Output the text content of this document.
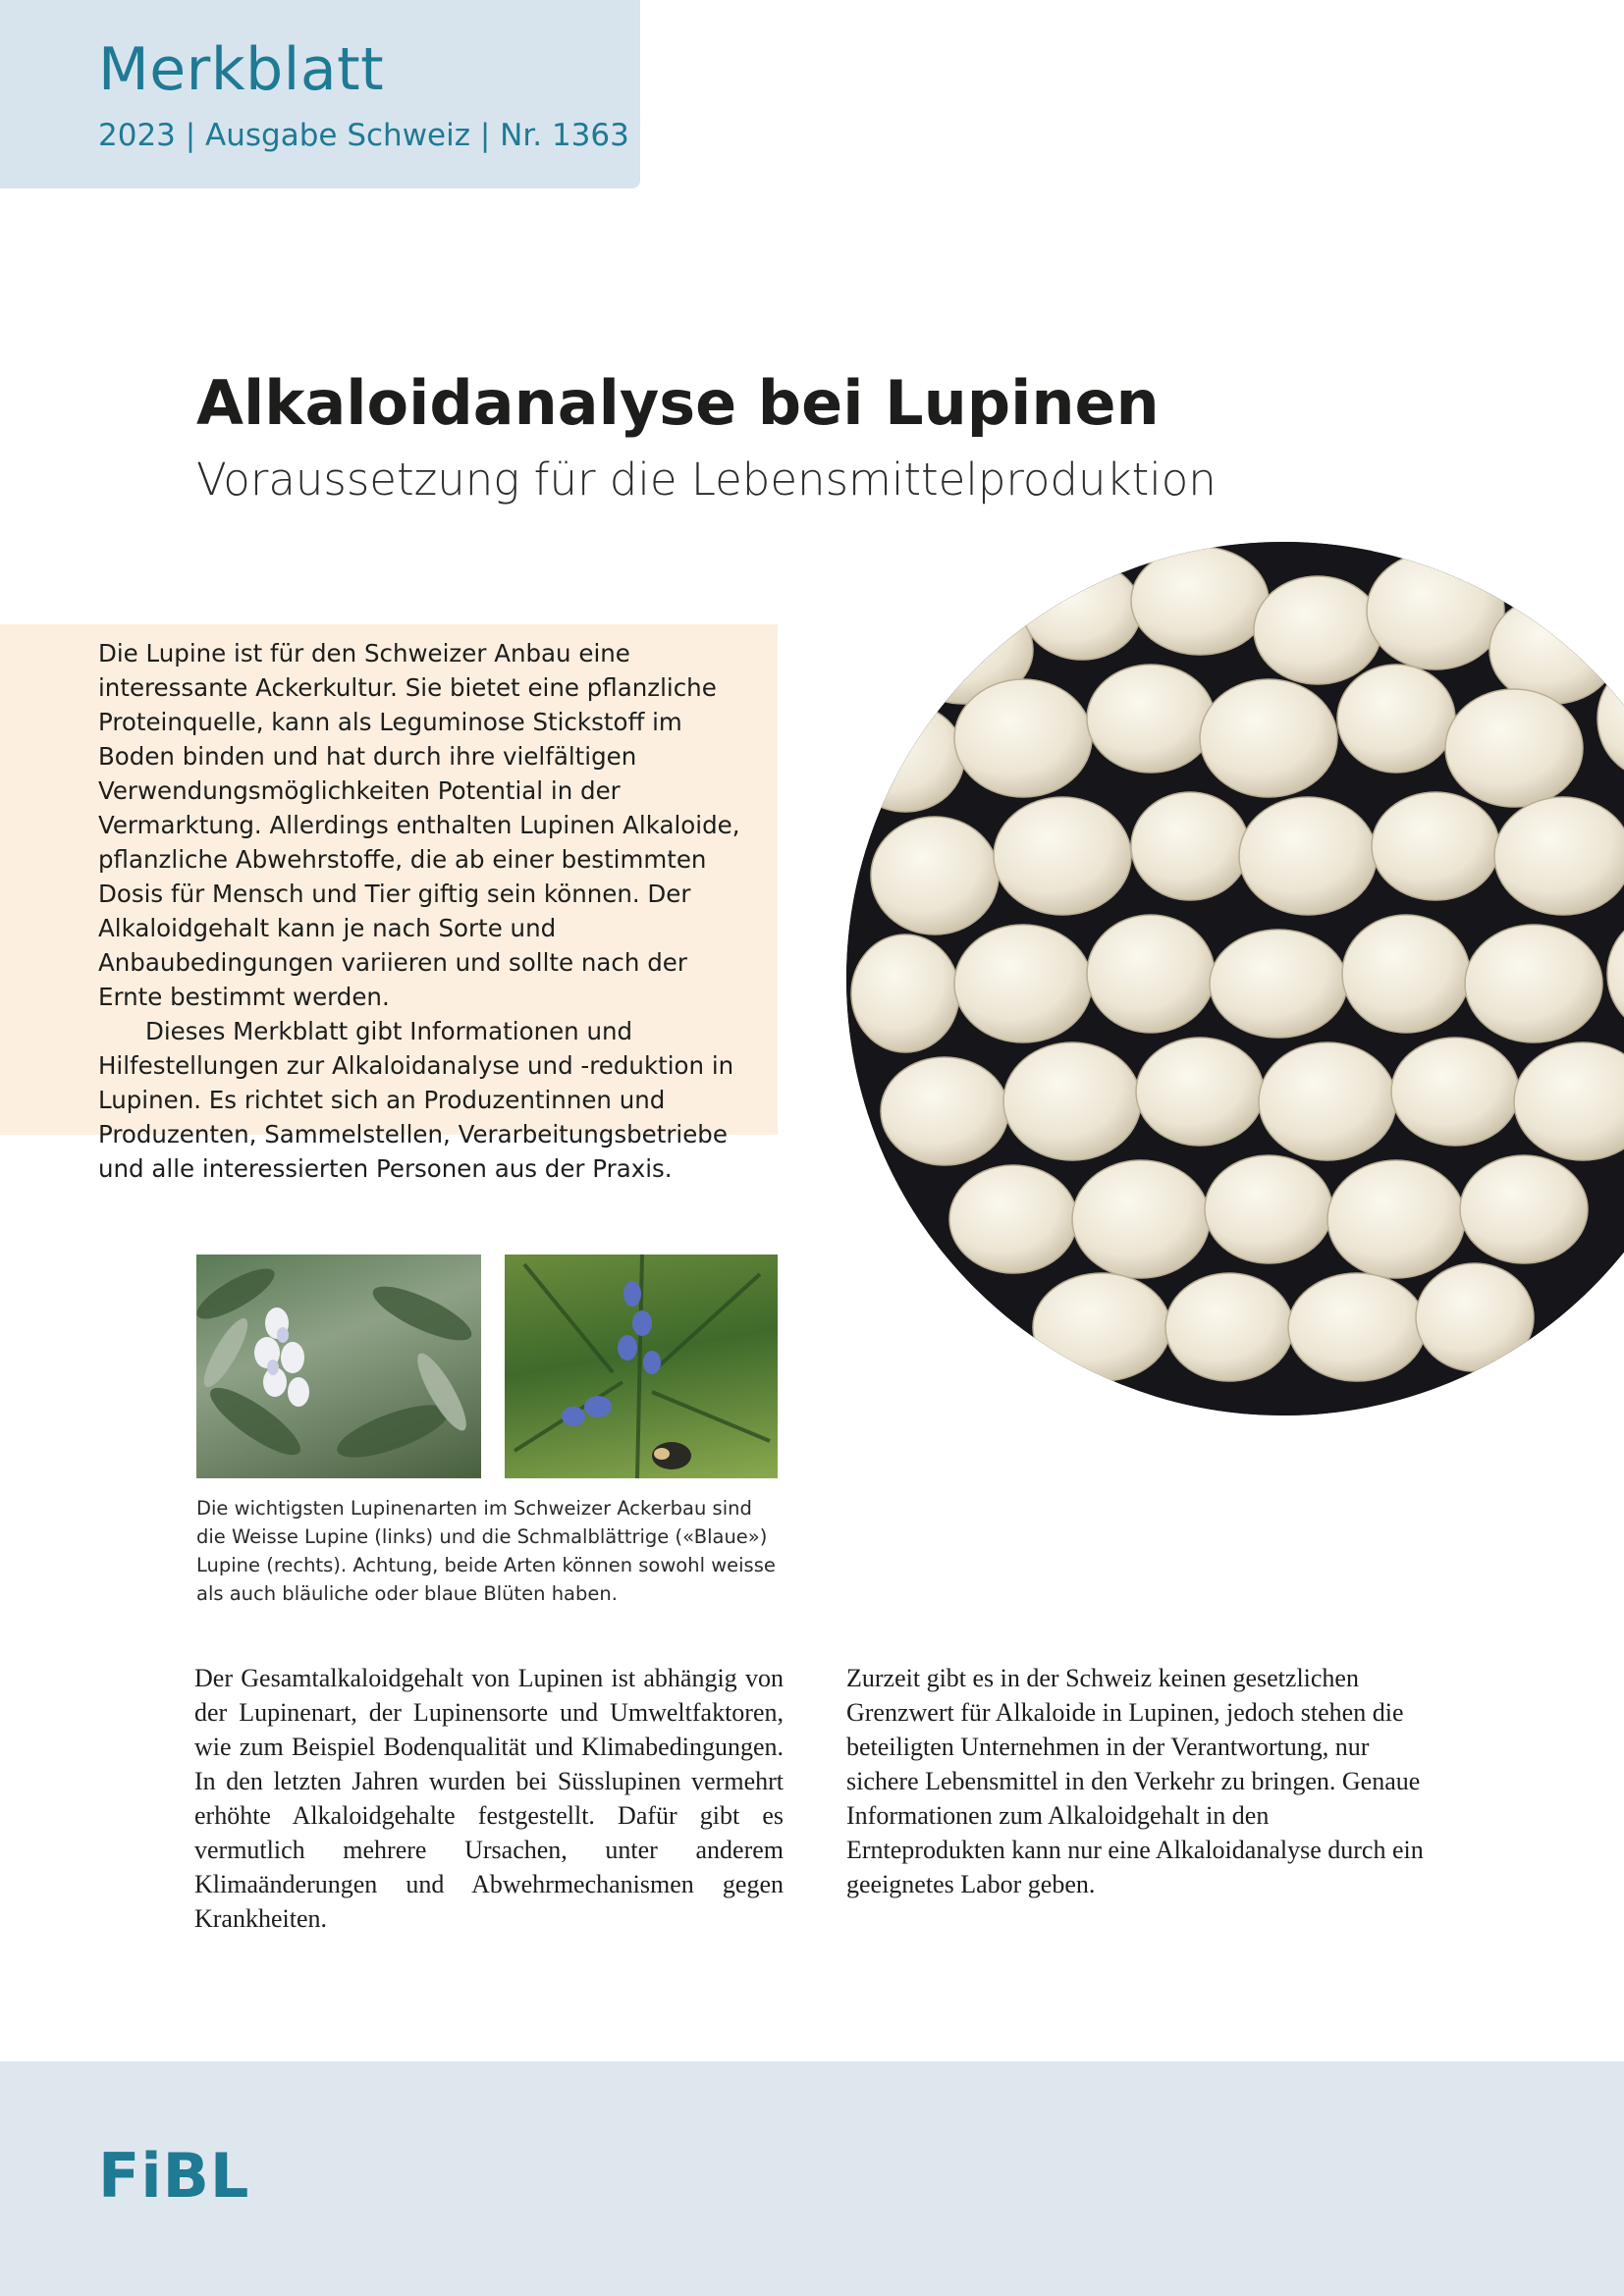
Merkblatt
2023 | Ausgabe Schweiz | Nr. 1363
Alkaloidanalyse bei Lupinen
Voraussetzung für die Lebensmittelproduktion

Die Lupine ist für den Schweizer Anbau eine interessante Ackerkultur. Sie bietet eine pflanzliche Proteinquelle, kann als Leguminose Stickstoff im Boden binden und hat durch ihre vielfältigen Verwendungsmöglichkeiten Potential in der Vermarktung. Allerdings enthalten Lupinen Alkaloide, pflanzliche Abwehrstoffe, die ab einer bestimmten Dosis für Mensch und Tier giftig sein können. Der Alkaloidgehalt kann je nach Sorte und Anbaubedingungen variieren und sollte nach der Ernte bestimmt werden.

Dieses Merkblatt gibt Informationen und Hilfestellungen zur Alkaloidanalyse und -reduktion in Lupinen. Es richtet sich an Produzentinnen und Produzenten, Sammelstellen, Verarbeitungsbetriebe und alle interessierten Personen aus der Praxis.

Die wichtigsten Lupinenarten im Schweizer Ackerbau sind die Weisse Lupine (links) und die Schmalblättrige («Blaue») Lupine (rechts). Achtung, beide Arten können sowohl weisse als auch bläuliche oder blaue Blüten haben.
Der Gesamtalkaloidgehalt von Lupinen ist abhängig von der Lupinenart, der Lupinensorte und Umweltfaktoren, wie zum Beispiel Bodenqualität und Klimabedingungen. In den letzten Jahren wurden bei Süsslupinen vermehrt erhöhte Alkaloidgehalte festgestellt. Dafür gibt es vermutlich mehrere Ursachen, unter anderem Klimaänderungen und Abwehrmechanismen gegen Krankheiten.
Zurzeit gibt es in der Schweiz keinen gesetzlichen Grenzwert für Alkaloide in Lupinen, jedoch stehen die beteiligten Unternehmen in der Verantwortung, nur sichere Lebensmittel in den Verkehr zu bringen. Genaue Informationen zum Alkaloidgehalt in den Ernteprodukten kann nur eine Alkaloidanalyse durch ein geeignetes Labor geben.
FiBL
